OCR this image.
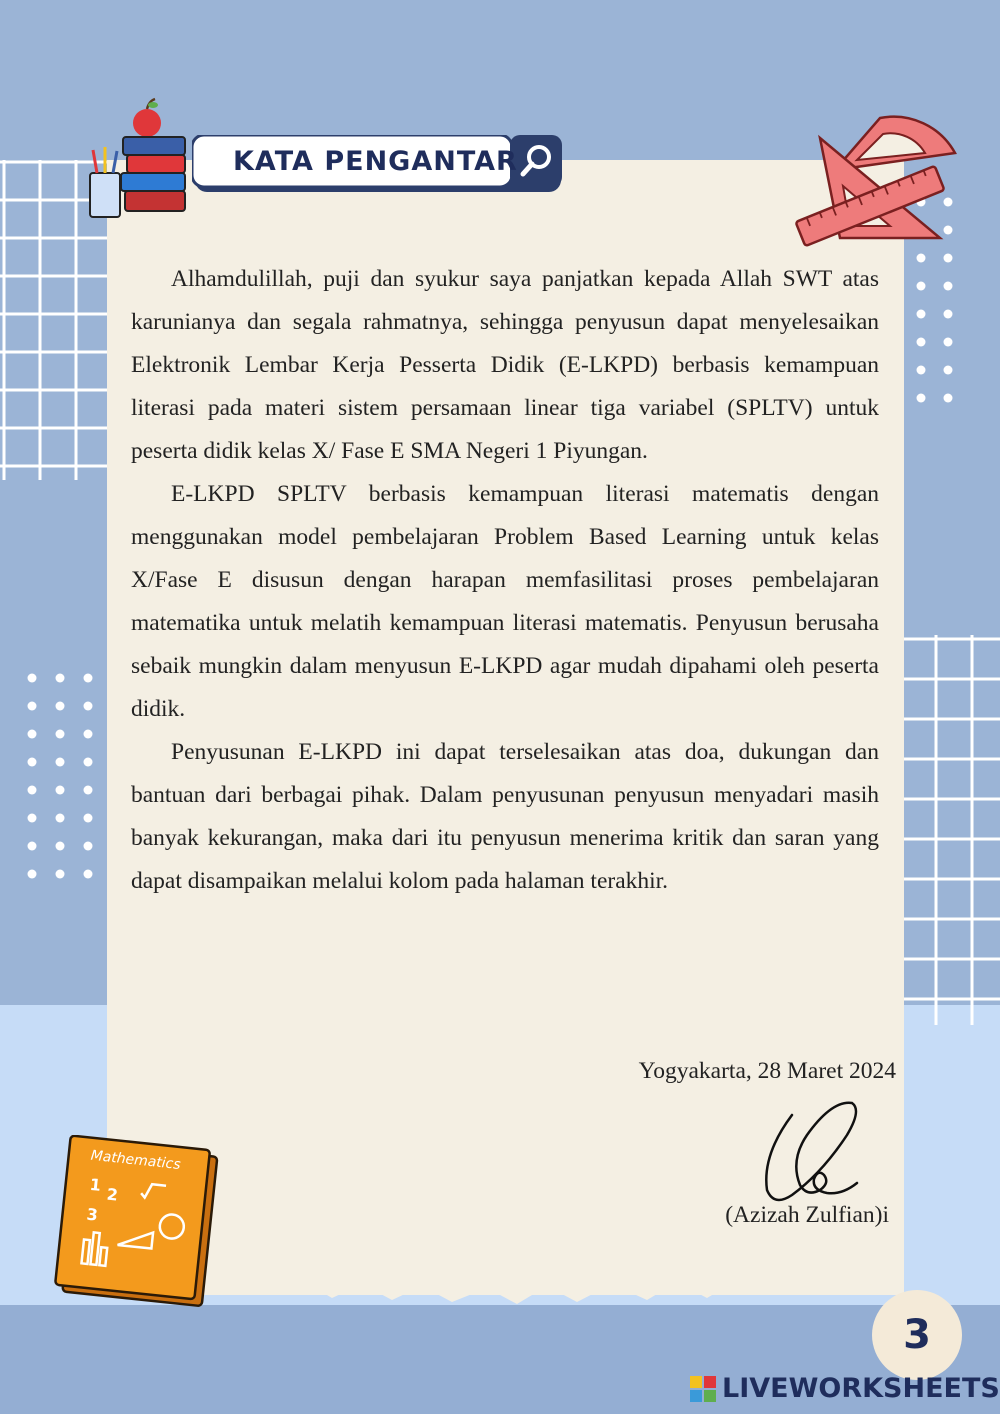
KATA PENGANTAR

Alhamdulillah, puji dan syukur saya panjatkan kepada Allah SWT atas karunianya dan segala rahmatnya, sehingga penyusun dapat menyelesaikan Elektronik Lembar Kerja Pesserta Didik (E-LKPD) berbasis kemampuan literasi pada materi sistem persamaan linear tiga variabel (SPLTV) untuk peserta didik kelas X/ Fase E SMA Negeri 1 Piyungan.

E-LKPD SPLTV berbasis kemampuan literasi matematis dengan menggunakan model pembelajaran Problem Based Learning untuk kelas X/Fase E disusun dengan harapan memfasilitasi proses pembelajaran matematika untuk melatih kemampuan literasi matematis. Penyusun berusaha sebaik mungkin dalam menyusun E-LKPD agar mudah dipahami oleh peserta didik.

Penyusunan E-LKPD ini dapat terselesaikan atas doa, dukungan dan bantuan dari berbagai pihak. Dalam penyusunan penyusun menyadari masih banyak kekurangan, maka dari itu penyusun menerima kritik dan saran yang dapat disampaikan melalui kolom pada halaman terakhir.

Yogyakarta, 28 Maret 2024
(Azizah Zulfian)i
Mathematics
1 2
3
3
LIVEWORKSHEETS
